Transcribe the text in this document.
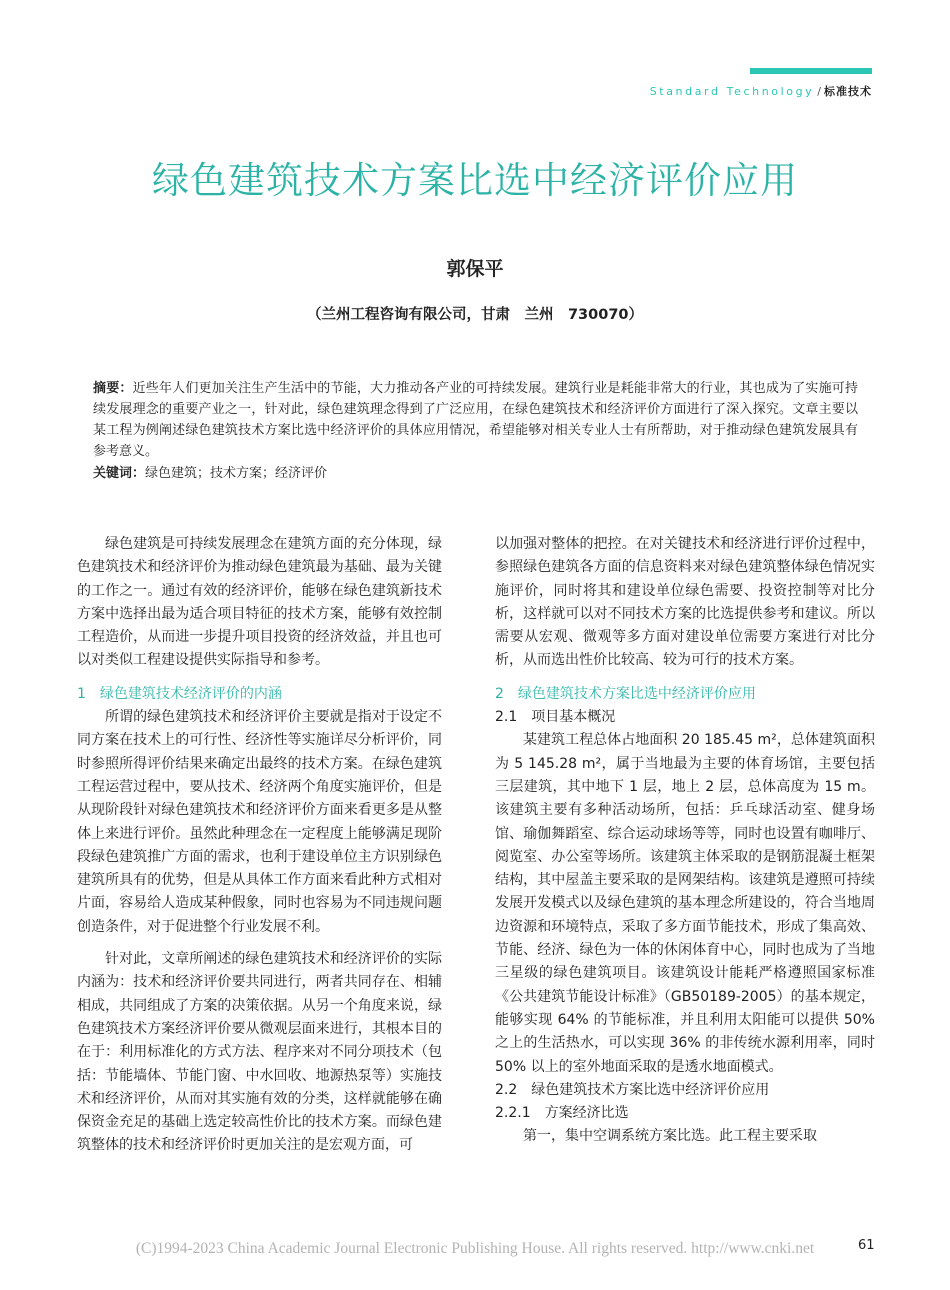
Standard Technology / 标准技术
绿色建筑技术方案比选中经济评价应用
郭保平
（兰州工程咨询有限公司，甘肃　兰州　730070）
摘要：近些年人们更加关注生产生活中的节能，大力推动各产业的可持续发展。建筑行业是耗能非常大的行业，其也成为了实施可持续发展理念的重要产业之一，针对此，绿色建筑理念得到了广泛应用，在绿色建筑技术和经济评价方面进行了深入探究。文章主要以某工程为例阐述绿色建筑技术方案比选中经济评价的具体应用情况，希望能够对相关专业人士有所帮助，对于推动绿色建筑发展具有参考意义。
关键词：绿色建筑；技术方案；经济评价

绿色建筑是可持续发展理念在建筑方面的充分体现，绿色建筑技术和经济评价为推动绿色建筑最为基础、最为关键的工作之一。通过有效的经济评价，能够在绿色建筑新技术方案中选择出最为适合项目特征的技术方案，能够有效控制工程造价，从而进一步提升项目投资的经济效益，并且也可以对类似工程建设提供实际指导和参考。

1　绿色建筑技术经济评价的内涵

所谓的绿色建筑技术和经济评价主要就是指对于设定不同方案在技术上的可行性、经济性等实施详尽分析评价，同时参照所得评价结果来确定出最终的技术方案。在绿色建筑工程运营过程中，要从技术、经济两个角度实施评价，但是从现阶段针对绿色建筑技术和经济评价方面来看更多是从整体上来进行评价。虽然此种理念在一定程度上能够满足现阶段绿色建筑推广方面的需求，也利于建设单位主方识别绿色建筑所具有的优势，但是从具体工作方面来看此种方式相对片面，容易给人造成某种假象，同时也容易为不同违规问题创造条件，对于促进整个行业发展不利。

针对此，文章所阐述的绿色建筑技术和经济评价的实际内涵为：技术和经济评价要共同进行，两者共同存在、相辅相成，共同组成了方案的决策依据。从另一个角度来说，绿色建筑技术方案经济评价要从微观层面来进行，其根本目的在于：利用标准化的方式方法、程序来对不同分项技术（包括：节能墙体、节能门窗、中水回收、地源热泵等）实施技术和经济评价，从而对其实施有效的分类，这样就能够在确保资金充足的基础上选定较高性价比的技术方案。而绿色建筑整体的技术和经济评价时更加关注的是宏观方面，可

以加强对整体的把控。在对关键技术和经济进行评价过程中，参照绿色建筑各方面的信息资料来对绿色建筑整体绿色情况实施评价，同时将其和建设单位绿色需要、投资控制等对比分析，这样就可以对不同技术方案的比选提供参考和建议。所以需要从宏观、微观等多方面对建设单位需要方案进行对比分析，从而选出性价比较高、较为可行的技术方案。

2　绿色建筑技术方案比选中经济评价应用
2.1　项目基本概况

某建筑工程总体占地面积 20 185.45 m²，总体建筑面积为 5 145.28 m²，属于当地最为主要的体育场馆，主要包括三层建筑，其中地下 1 层，地上 2 层，总体高度为 15 m。该建筑主要有多种活动场所，包括：乒乓球活动室、健身场馆、瑜伽舞蹈室、综合运动球场等等，同时也设置有咖啡厅、阅览室、办公室等场所。该建筑主体采取的是钢筋混凝土框架结构，其中屋盖主要采取的是网架结构。该建筑是遵照可持续发展开发模式以及绿色建筑的基本理念所建设的，符合当地周边资源和环境特点，采取了多方面节能技术，形成了集高效、节能、经济、绿色为一体的休闲体育中心，同时也成为了当地三星级的绿色建筑项目。该建筑设计能耗严格遵照国家标准《公共建筑节能设计标准》（GB50189-2005）的基本规定，能够实现 64% 的节能标准，并且利用太阳能可以提供 50% 之上的生活热水，可以实现 36% 的非传统水源利用率，同时 50% 以上的室外地面采取的是透水地面模式。

2.2　绿色建筑技术方案比选中经济评价应用
2.2.1　方案经济比选

第一，集中空调系统方案比选。此工程主要采取

(C)1994-2023 China Academic Journal Electronic Publishing House. All rights reserved. http://www.cnki.net	61
